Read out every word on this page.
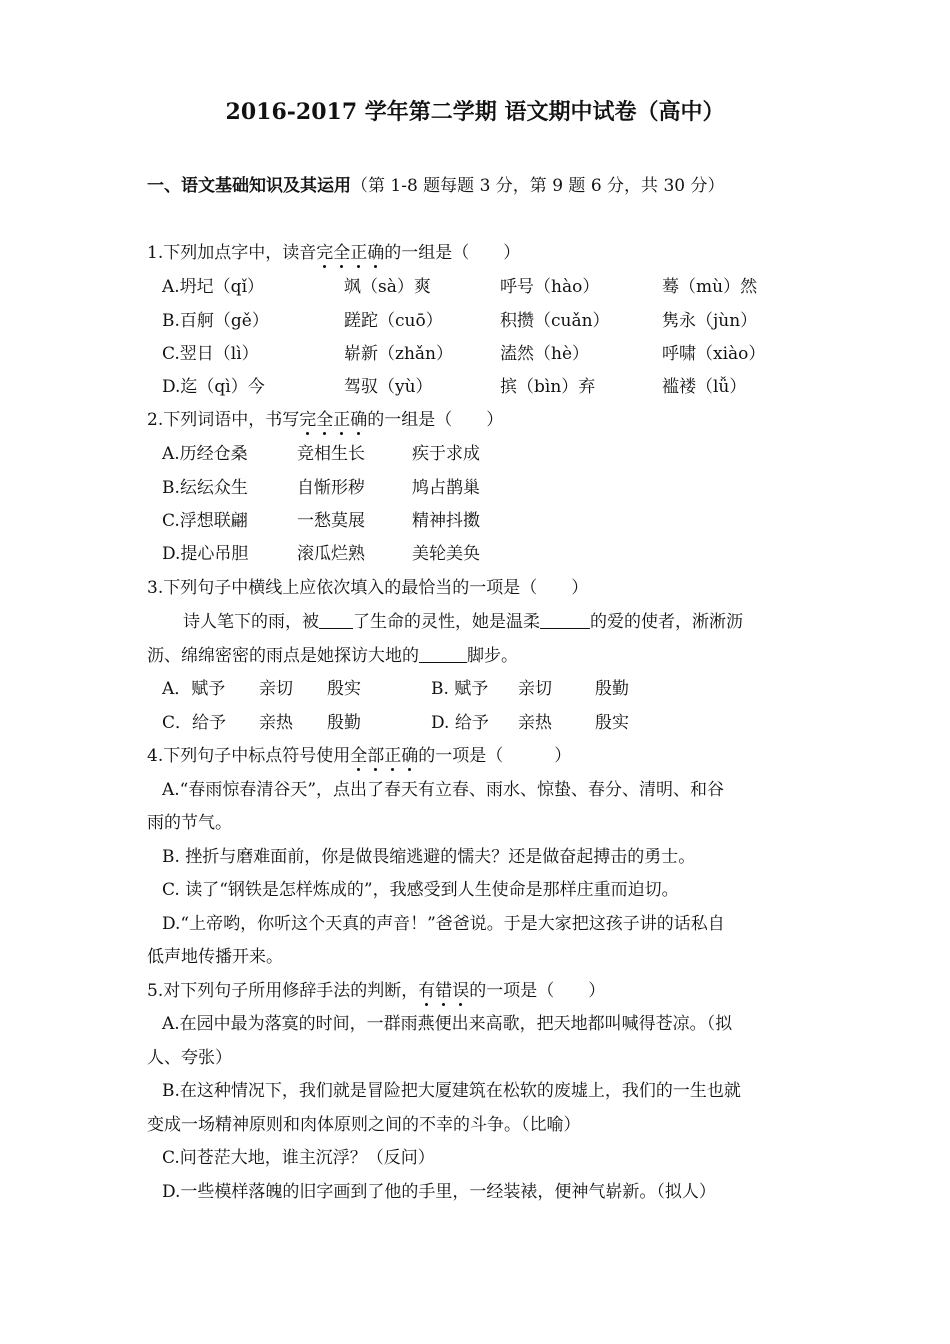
2016-2017 学年第二学期 语文期中试卷（高中）
一、语文基础知识及其运用（第 1-8 题每题 3 分，第 9 题 6 分，共 30 分）
1.下列加点字中，读音完全正确的一组是（　　）
A.坍圮（qǐ）	飒（sà）爽	呼号（hào）	蓦（mù）然
B.百舸（gě）	蹉跎（cuō）	积攒（cuǎn）	隽永（jùn）
C.翌日（lì）	崭新（zhǎn）	溘然（hè）	呼啸（xiào）
D.迄（qì）今	驾驭（yù）	摈（bìn）弃	褴褛（lǚ）
2.下列词语中，书写完全正确的一组是（　　）
A.历经仓桑	竞相生长	疾于求成
B.纭纭众生	自惭形秽	鸠占鹊巢
C.浮想联翩	一愁莫展	精神抖擞
D.提心吊胆	滚瓜烂熟	美轮美奂
3.下列句子中横线上应依次填入的最恰当的一项是（　　）
诗人笔下的雨，被 了生命的灵性，她是温柔	的爱的使者，淅淅沥
沥、绵绵密密的雨点是她探访大地的	脚步。
A．赋予 亲切 殷实	B. 赋予 亲切	殷勤
C．给予 亲热 殷勤	D. 给予 亲热	殷实
4.下列句子中标点符号使用全部正确的一项是（　　　）
A.“春雨惊春清谷天”，点出了春天有立春、雨水、惊蛰、春分、清明、和谷
雨的节气。
B. 挫折与磨难面前，你是做畏缩逃避的懦夫？还是做奋起搏击的勇士。
C. 读了“钢铁是怎样炼成的”，我感受到人生使命是那样庄重而迫切。
D.“上帝哟，你听这个天真的声音！”爸爸说。于是大家把这孩子讲的话私自
低声地传播开来。
5.对下列句子所用修辞手法的判断，有错误的一项是（　　）
A.在园中最为落寞的时间，一群雨燕便出来高歌，把天地都叫喊得苍凉。（拟
人、夸张）
B.在这种情况下，我们就是冒险把大厦建筑在松软的废墟上，我们的一生也就
变成一场精神原则和肉体原则之间的不幸的斗争。（比喻）
C.问苍茫大地，谁主沉浮？（反问）
D.一些模样落魄的旧字画到了他的手里，一经装裱，便神气崭新。（拟人）
